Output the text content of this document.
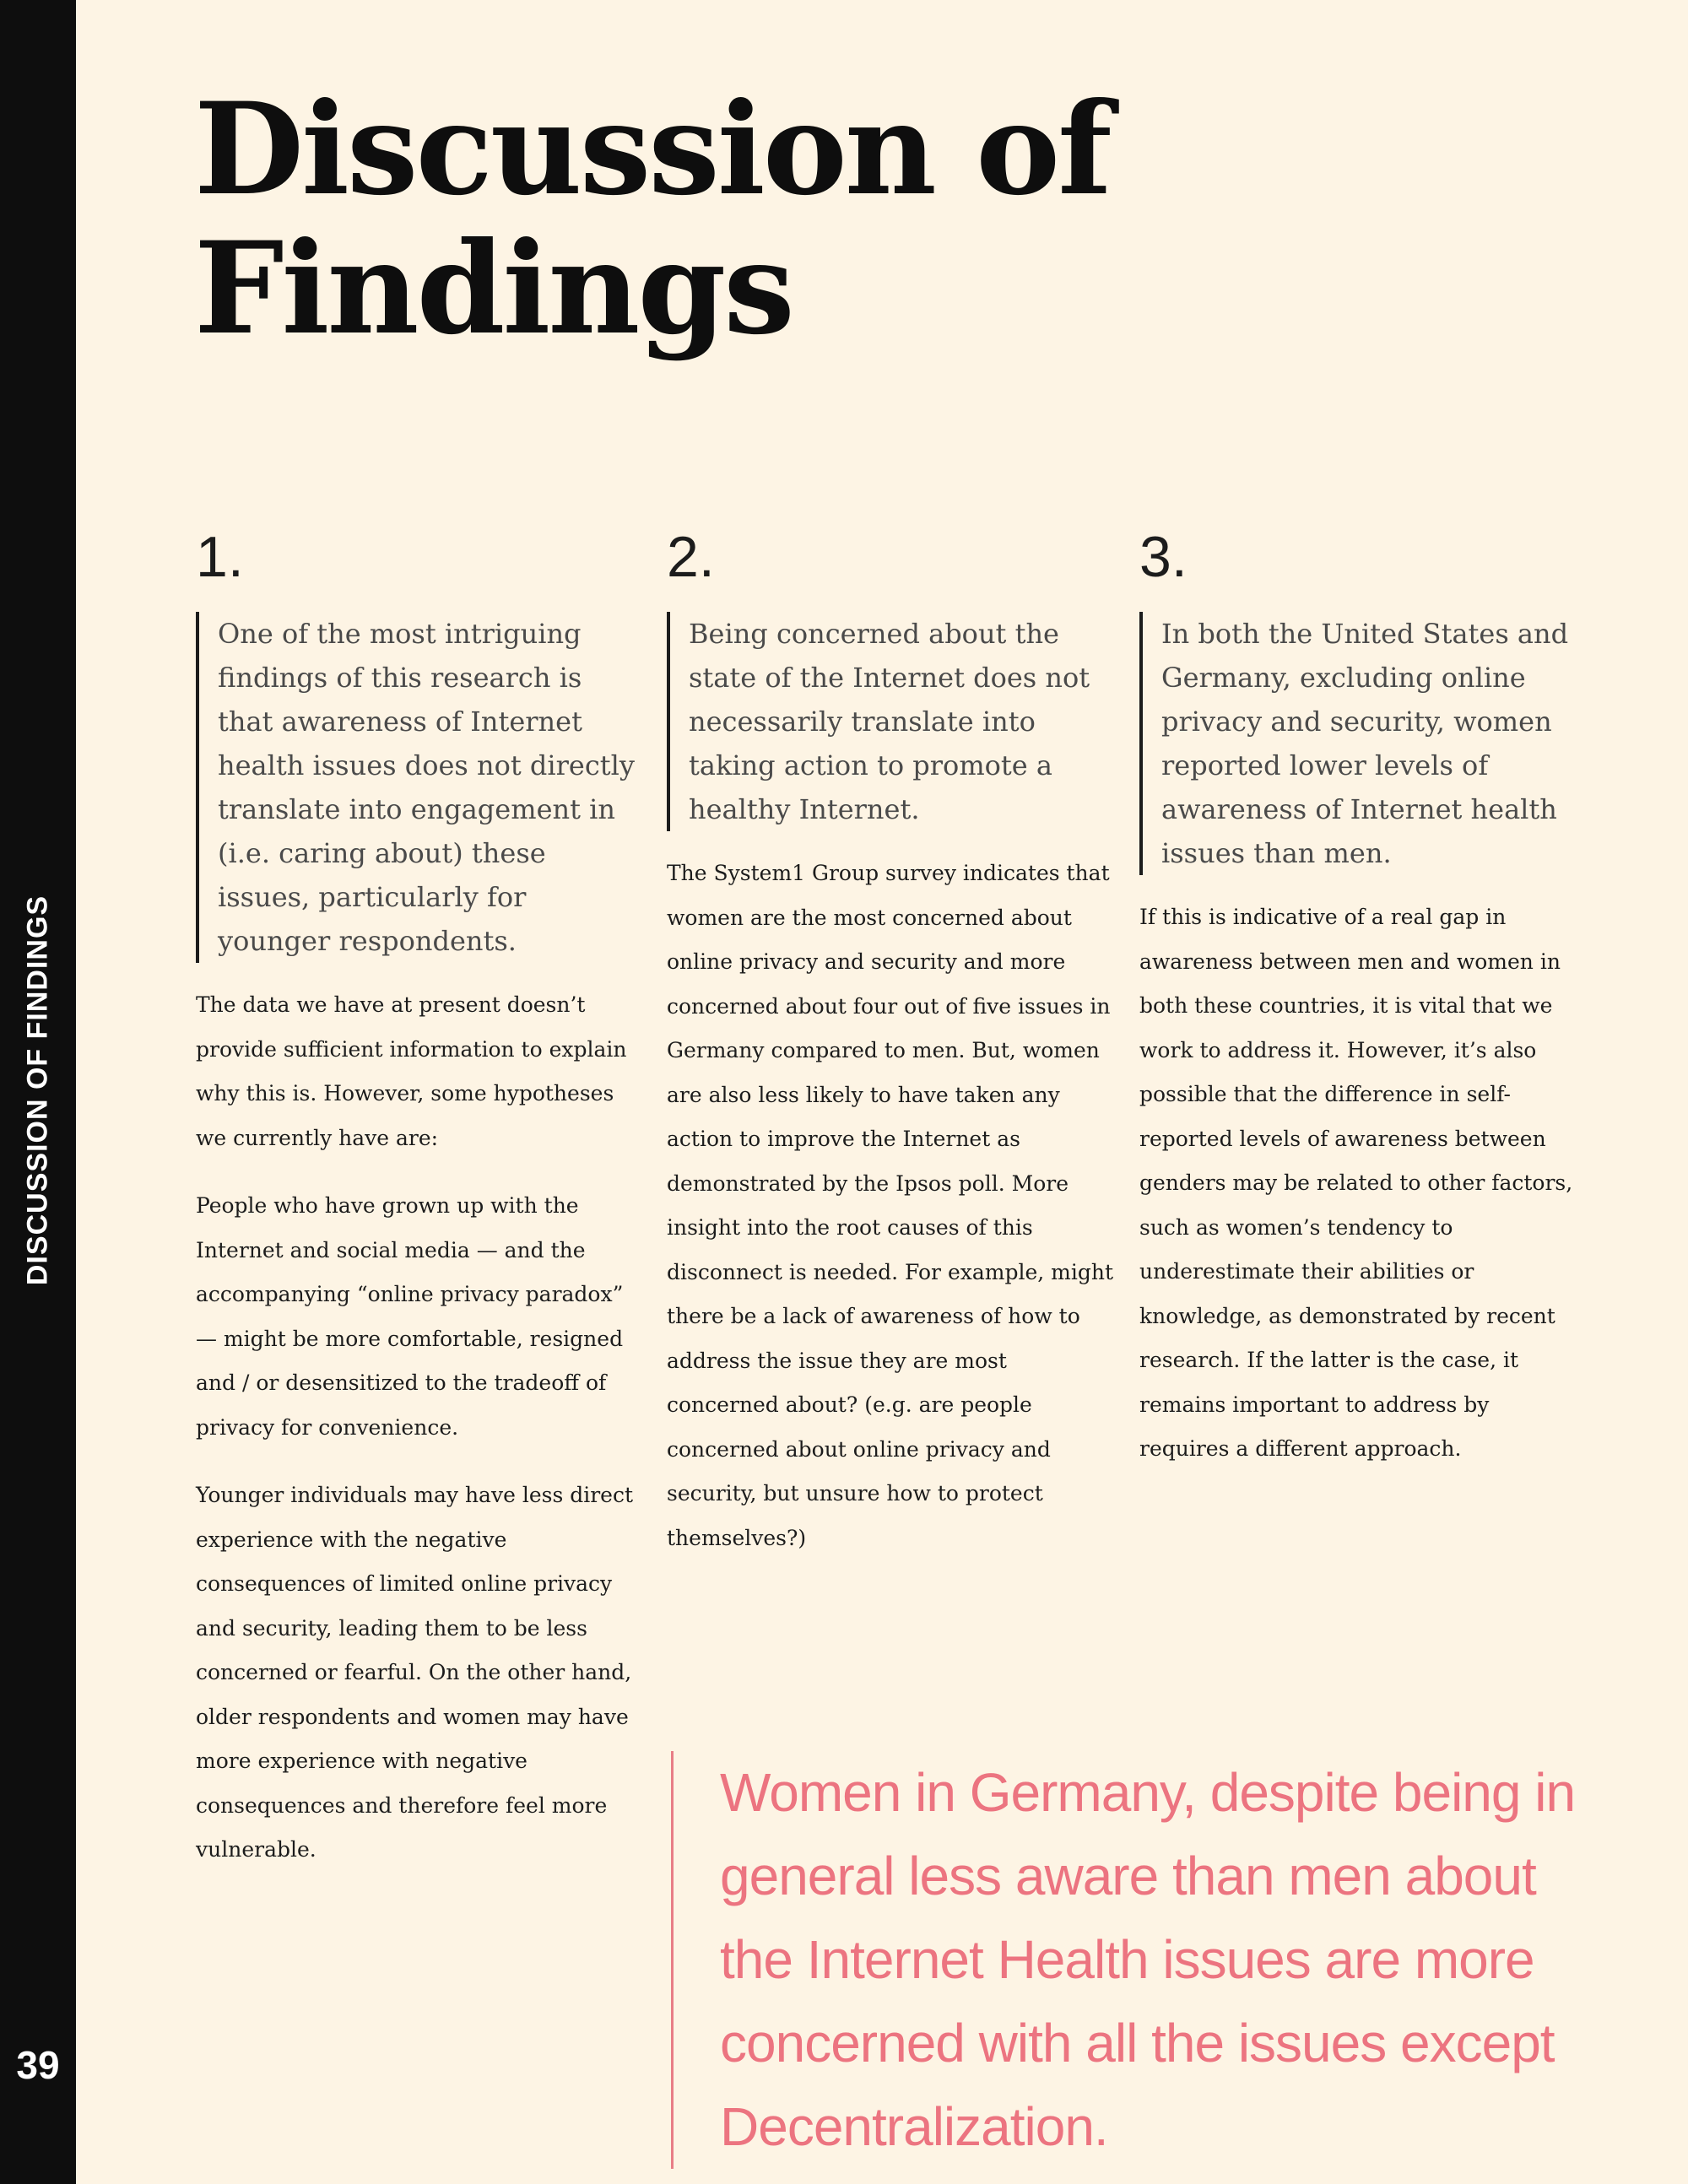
DISCUSSION OF FINDINGS
39
Discussion of Findings
1.
One of the most intriguing findings of this research is that awareness of Internet health issues does not directly translate into engagement in (i.e. caring about) these issues, particularly for younger respondents.

The data we have at present doesn’t provide sufficient information to explain why this is. However, some hypotheses we currently have are:

People who have grown up with the Internet and social media — and the accompanying “online privacy paradox” — might be more comfortable, resigned and / or desensitized to the tradeoff of privacy for convenience.

Younger individuals may have less direct experience with the negative consequences of limited online privacy and security, leading them to be less concerned or fearful. On the other hand, older respondents and women may have more experience with negative consequences and therefore feel more vulnerable.

2.
Being concerned about the state of the Internet does not necessarily translate into taking action to promote a healthy Internet.

The System1 Group survey indicates that women are the most concerned about online privacy and security and more concerned about four out of five issues in Germany compared to men. But, women are also less likely to have taken any action to improve the Internet as demonstrated by the Ipsos poll. More insight into the root causes of this disconnect is needed. For example, might there be a lack of awareness of how to address the issue they are most concerned about? (e.g. are people concerned about online privacy and security, but unsure how to protect themselves?)

3.
In both the United States and Germany, excluding online privacy and security, women reported lower levels of awareness of Internet health issues than men.

If this is indicative of a real gap in awareness between men and women in both these countries, it is vital that we work to address it. However, it’s also possible that the difference in self-reported levels of awareness between genders may be related to other factors, such as women’s tendency to underestimate their abilities or knowledge, as demonstrated by recent research. If the latter is the case, it remains important to address by requires a different approach.

Women in Germany, despite being in general less aware than men about the Internet Health issues are more concerned with all the issues except Decentralization.
